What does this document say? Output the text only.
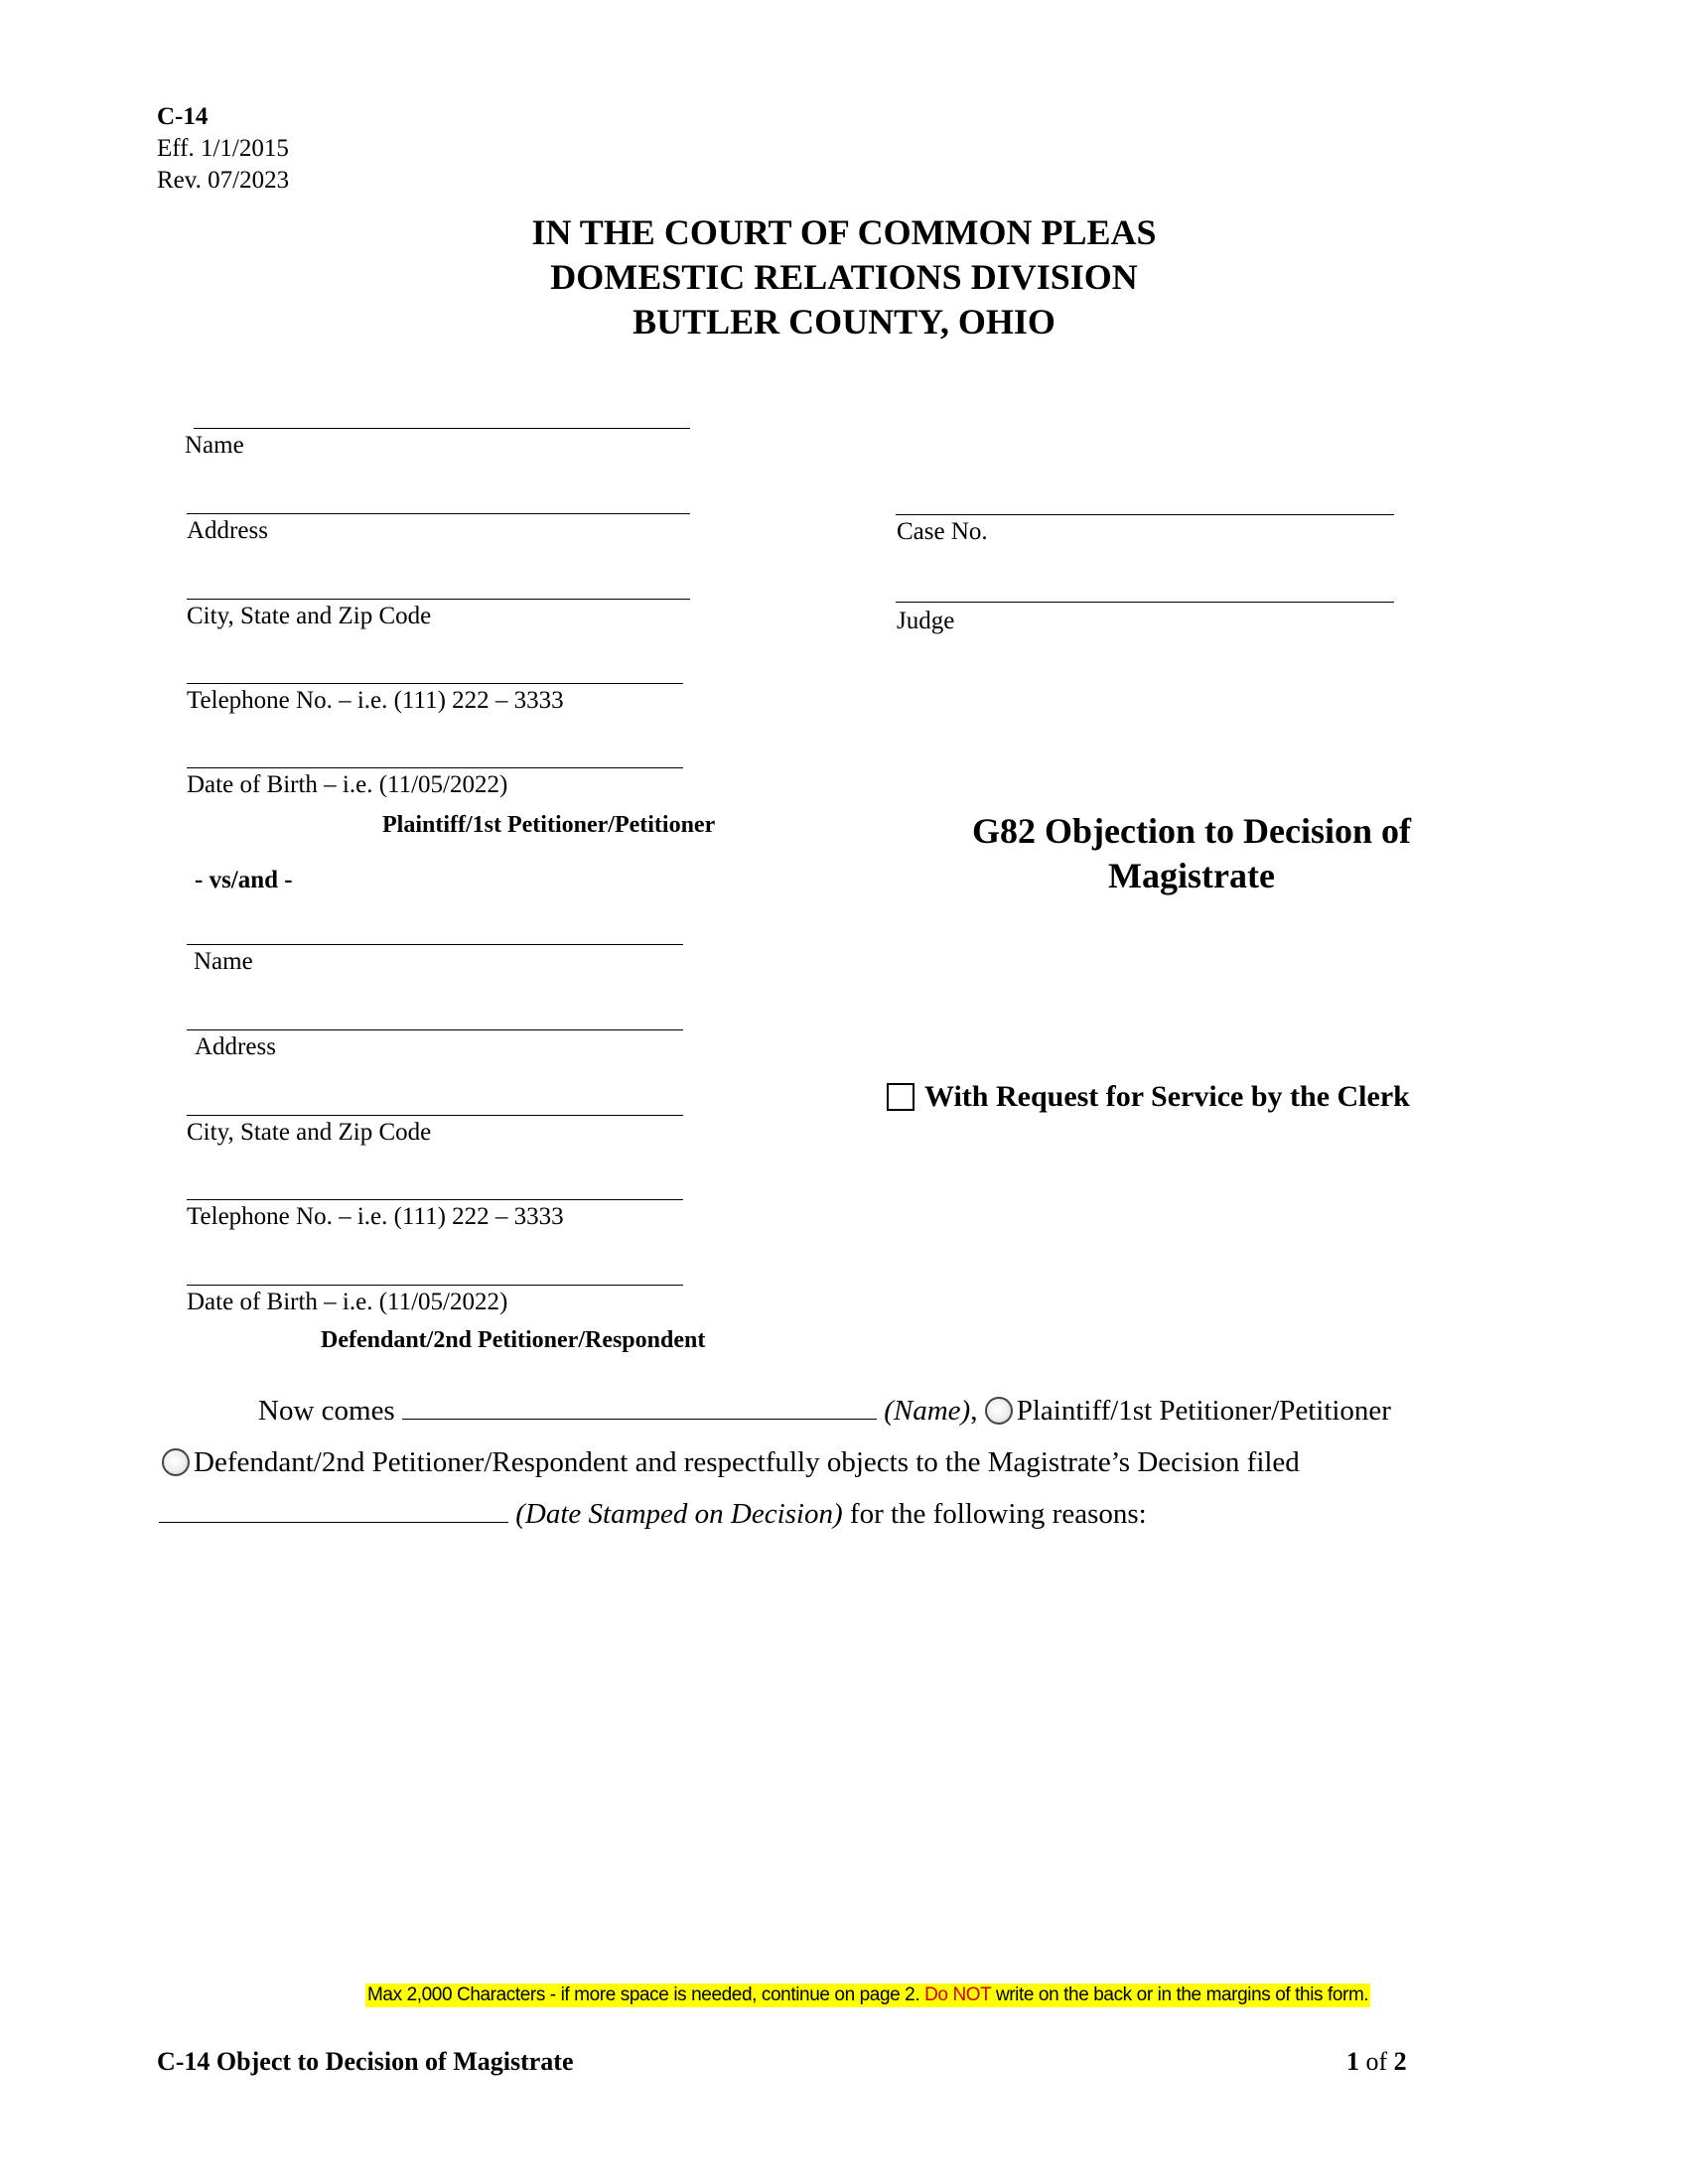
C-14
Eff. 1/1/2015
Rev. 07/2023
IN THE COURT OF COMMON PLEAS
DOMESTIC RELATIONS DIVISION
BUTLER COUNTY, OHIO
Name
Address
City, State and Zip Code
Telephone No. – i.e. (111) 222 – 3333
Date of Birth – i.e. (11/05/2022)
Plaintiff/1st Petitioner/Petitioner
- vs/and -
Name
Address
City, State and Zip Code
Telephone No. – i.e. (111) 222 – 3333
Date of Birth – i.e. (11/05/2022)
Defendant/2nd Petitioner/Respondent
Case No.
Judge
G82 Objection to Decision of Magistrate
With Request for Service by the Clerk
Now comes	(Name), Plaintiff/1st Petitioner/Petitioner
Defendant/2nd Petitioner/Respondent and respectfully objects to the Magistrate’s Decision filed
(Date Stamped on Decision) for the following reasons:
Max 2,000 Characters - if more space is needed, continue on page 2. Do NOT write on the back or in the margins of this form.
C-14 Object to Decision of Magistrate	1 of 2
